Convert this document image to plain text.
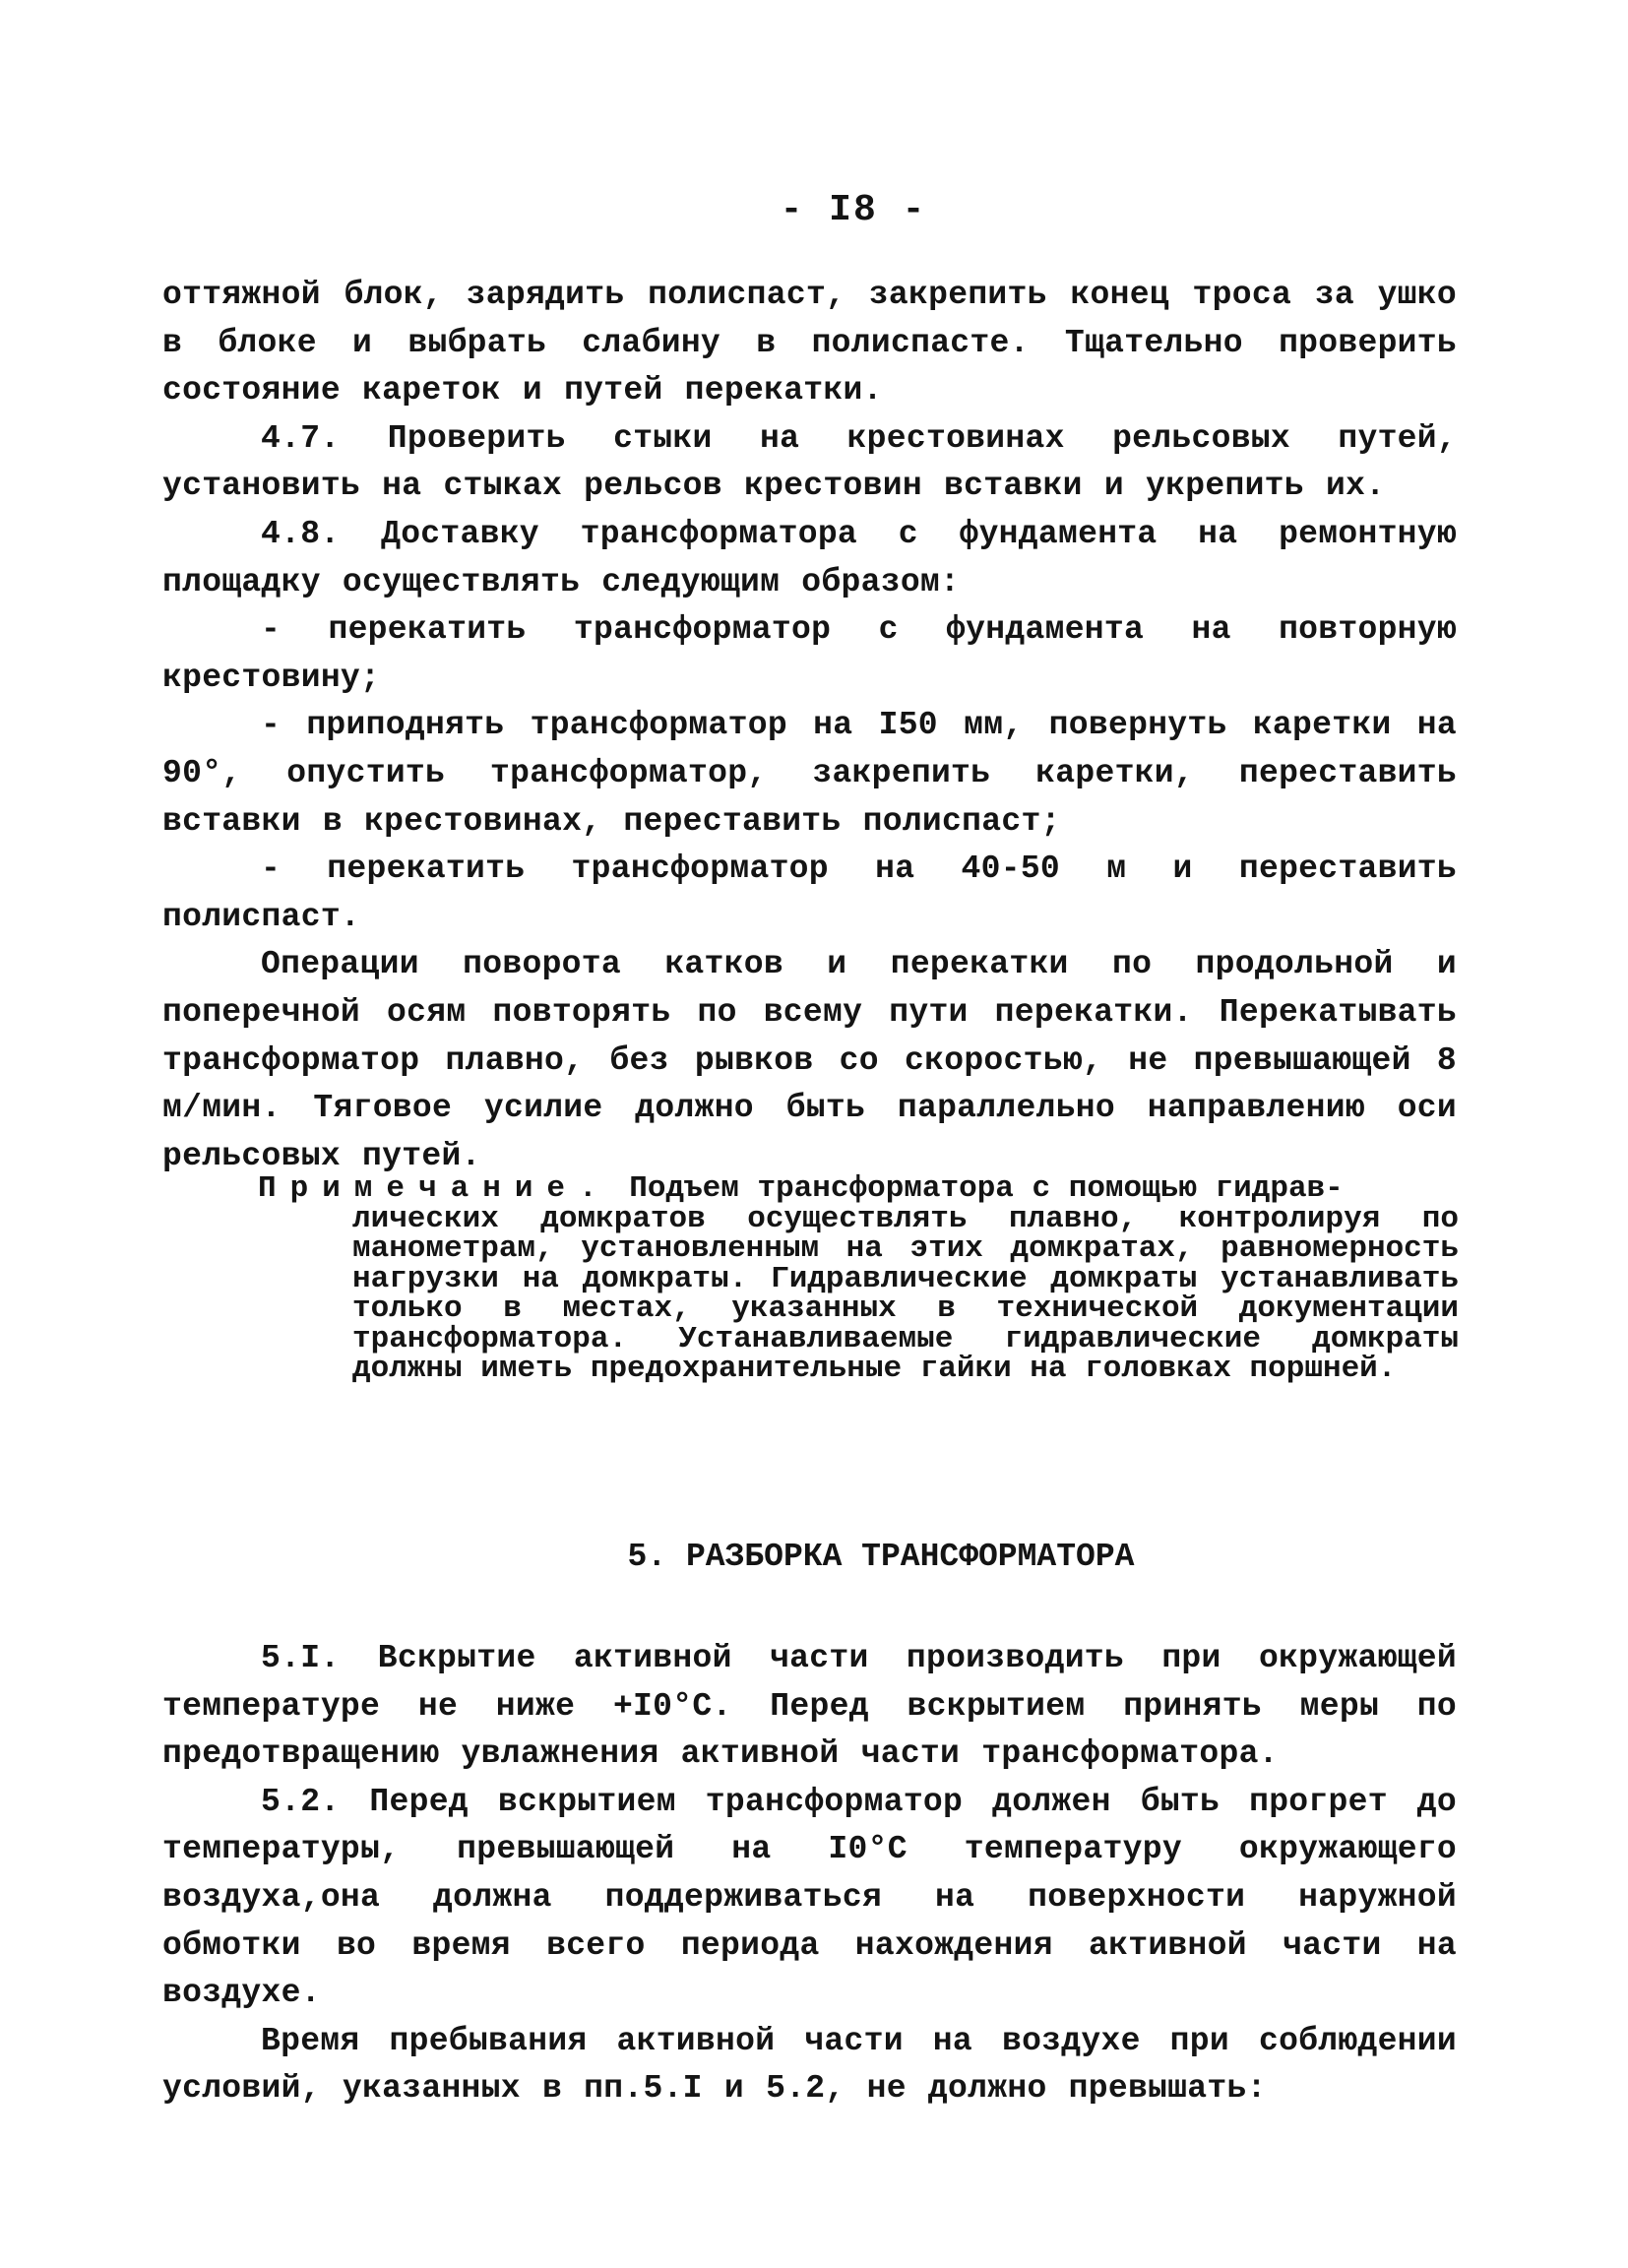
- I8 -

оттяжной блок, зарядить полиспаст, закрепить конец троса за ушко в блоке и выбрать слабину в полиспасте. Тщательно проверить состояние кареток и путей перекатки.

4.7. Проверить стыки на крестовинах рельсовых путей, установить на стыках рельсов крестовин вставки и укрепить их.

4.8. Доставку трансформатора с фундамента на ремонтную площадку осуществлять следующим образом:

- перекатить трансформатор с фундамента на повторную крестовину;

- приподнять трансформатор на I50 мм, повернуть каретки на 90°, опустить трансформатор, закрепить каретки, переставить вставки в крестовинах, переставить полиспаст;

- перекатить трансформатор на 40-50 м и переставить полиспаст.

Операции поворота катков и перекатки по продольной и поперечной осям повторять по всему пути перекатки. Перекатывать трансформатор плавно, без рывков со скоростью, не превышающей 8 м/мин. Тяговое усилие должно быть параллельно направлению оси рельсовых путей.

Примечание. Подъем трансформатора с помощью гидрав-
лических домкратов осуществлять плавно, контролируя по манометрам, установленным на этих домкратах, равномерность нагрузки на домкраты. Гидравлические домкраты устанавливать только в местах, указанных в технической документации трансформатора. Устанавливаемые гидравлические домкраты должны иметь предохранительные гайки на головках поршней.
5. РАЗБОРКА ТРАНСФОРМАТОРА

5.I. Вскрытие активной части производить при окружающей температуре не ниже +I0°С. Перед вскрытием принять меры по предотвращению увлажнения активной части трансформатора.

5.2. Перед вскрытием трансформатор должен быть прогрет до температуры, превышающей на I0°С температуру окружающего воздуха,она должна поддерживаться на поверхности наружной обмотки во время всего периода нахождения активной части на воздухе.

Время пребывания активной части на воздухе при соблюдении условий, указанных в пп.5.I и 5.2, не должно превышать:
